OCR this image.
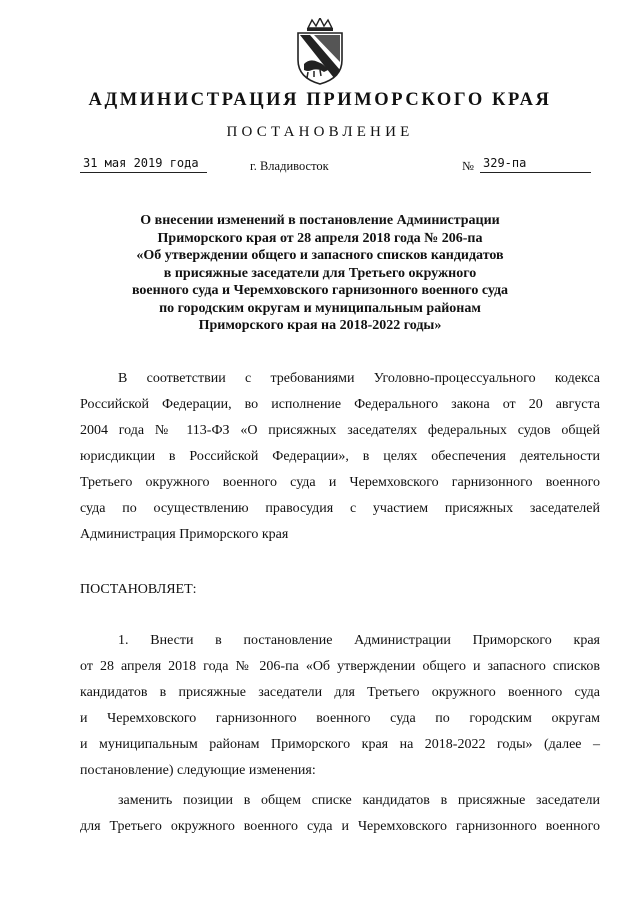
АДМИНИСТРАЦИЯ ПРИМОРСКОГО КРАЯ
ПОСТАНОВЛЕНИЕ
31 мая 2019 года	г. Владивосток	№ 329-па
О внесении изменений в постановление Администрации
Приморского края от 28 апреля 2018 года № 206-па
«Об утверждении общего и запасного списков кандидатов
в присяжные заседатели для Третьего окружного
военного суда и Черемховского гарнизонного военного суда
по городским округам и муниципальным районам
Приморского края на 2018-2022 годы»
В соответствии с требованиями Уголовно-процессуального кодекса
Российской Федерации, во исполнение Федерального закона от 20 августа
2004 года № 113-ФЗ «О присяжных заседателях федеральных судов общей
юрисдикции в Российской Федерации», в целях обеспечения деятельности
Третьего окружного военного суда и Черемховского гарнизонного военного
суда по осуществлению правосудия с участием присяжных заседателей
Администрация Приморского края
ПОСТАНОВЛЯЕТ:
1. Внести в постановление Администрации Приморского края
от 28 апреля 2018 года № 206-па «Об утверждении общего и запасного списков
кандидатов в присяжные заседатели для Третьего окружного военного суда
и Черемховского гарнизонного военного суда по городским округам
и муниципальным районам Приморского края на 2018-2022 годы» (далее –
постановление) следующие изменения:
заменить позиции в общем списке кандидатов в присяжные заседатели
для Третьего окружного военного суда и Черемховского гарнизонного военного
